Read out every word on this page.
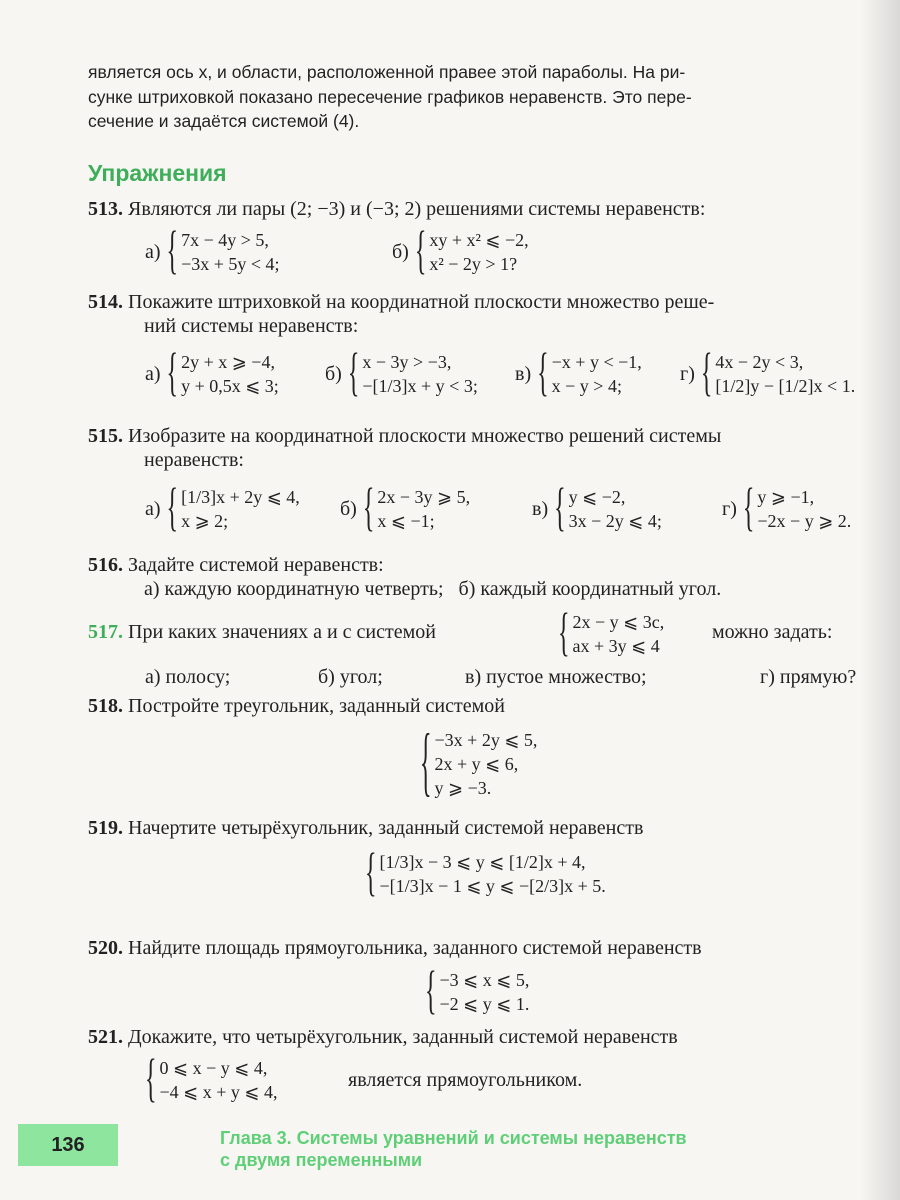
является ось x, и области, расположенной правее этой параболы. На ри-
сунке штриховкой показано пересечение графиков неравенств. Это пере-
сечение и задаётся системой (4).
Упражнения
513. Являются ли пары (2; −3) и (−3; 2) решениями системы неравенств:
а) { 7x − 4y > 5,
−3x + 5y < 4;
б) { xy + x² ⩽ −2,
x² − 2y > 1?
514. Покажите штриховкой на координатной плоскости множество реше-
ний системы неравенств:
а) { 2y + x ⩾ −4,
y + 0,5x ⩽ 3;
б) { x − 3y > −3,
−[1/3]x + y < 3;
в) { −x + y < −1,
x − y > 4;
г) { 4x − 2y < 3,
[1/2]y − [1/2]x < 1.
515. Изобразите на координатной плоскости множество решений системы
неравенств:
а) { [1/3]x + 2y ⩽ 4,
x ⩾ 2;
б) { 2x − 3y ⩾ 5,
x ⩽ −1;
в) { y ⩽ −2,
3x − 2y ⩽ 4;
г) { y ⩾ −1,
−2x − y ⩾ 2.
516. Задайте системой неравенств:
а) каждую координатную четверть;   б) каждый координатный угол.
517. При каких значениях a и c системой	{ 2x − y ⩽ 3c,
ax + 3y ⩽ 4
можно задать:
а) полосу;	б) угол;	в) пустое множество;	г) прямую?
518. Постройте треугольник, заданный системой
{ −3x + 2y ⩽ 5,
2x + y ⩽ 6,
y ⩾ −3.
519. Начертите четырёхугольник, заданный системой неравенств
{ [1/3]x − 3 ⩽ y ⩽ [1/2]x + 4,
−[1/3]x − 1 ⩽ y ⩽ −[2/3]x + 5.
520. Найдите площадь прямоугольника, заданного системой неравенств
{ −3 ⩽ x ⩽ 5,
−2 ⩽ y ⩽ 1.
521. Докажите, что четырёхугольник, заданный системой неравенств
{ 0 ⩽ x − y ⩽ 4,
−4 ⩽ x + y ⩽ 4,
является прямоугольником.
136	Глава 3. Системы уравнений и системы неравенств
с двумя переменными
